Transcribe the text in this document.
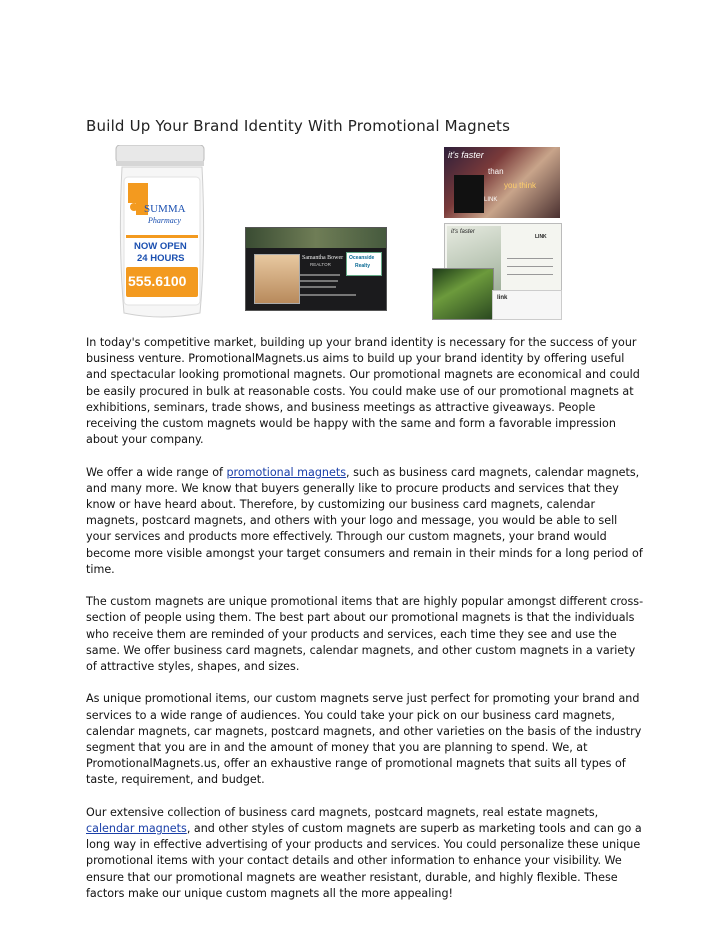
Build Up Your Brand Identity With Promotional Magnets
SUMMA
Pharmacy
NOW OPEN
24 HOURS
555.6100
Samantha Bower
REALTOR
Oceanside
Realty
it's faster
than
you think
LINK
it's faster
LINK
link

In today's competitive market, building up your brand identity is necessary for the success of your business venture. PromotionalMagnets.us aims to build up your brand identity by offering useful and spectacular looking promotional magnets. Our promotional magnets are economical and could be easily procured in bulk at reasonable costs. You could make use of our promotional magnets at exhibitions, seminars, trade shows, and business meetings as attractive giveaways. People receiving the custom magnets would be happy with the same and form a favorable impression about your company.

We offer a wide range of promotional magnets, such as business card magnets, calendar magnets, and many more. We know that buyers generally like to procure products and services that they know or have heard about. Therefore, by customizing our business card magnets, calendar magnets, postcard magnets, and others with your logo and message, you would be able to sell your services and products more effectively. Through our custom magnets, your brand would become more visible amongst your target consumers and remain in their minds for a long period of time.

The custom magnets are unique promotional items that are highly popular amongst different cross-section of people using them. The best part about our promotional magnets is that the individuals who receive them are reminded of your products and services, each time they see and use the same. We offer business card magnets, calendar magnets, and other custom magnets in a variety of attractive styles, shapes, and sizes.

As unique promotional items, our custom magnets serve just perfect for promoting your brand and services to a wide range of audiences. You could take your pick on our business card magnets, calendar magnets, car magnets, postcard magnets, and other varieties on the basis of the industry segment that you are in and the amount of money that you are planning to spend. We, at PromotionalMagnets.us, offer an exhaustive range of promotional magnets that suits all types of taste, requirement, and budget.

Our extensive collection of business card magnets, postcard magnets, real estate magnets, calendar magnets, and other styles of custom magnets are superb as marketing tools and can go a long way in effective advertising of your products and services. You could personalize these unique promotional items with your contact details and other information to enhance your visibility. We ensure that our promotional magnets are weather resistant, durable, and highly flexible. These factors make our unique custom magnets all the more appealing!
